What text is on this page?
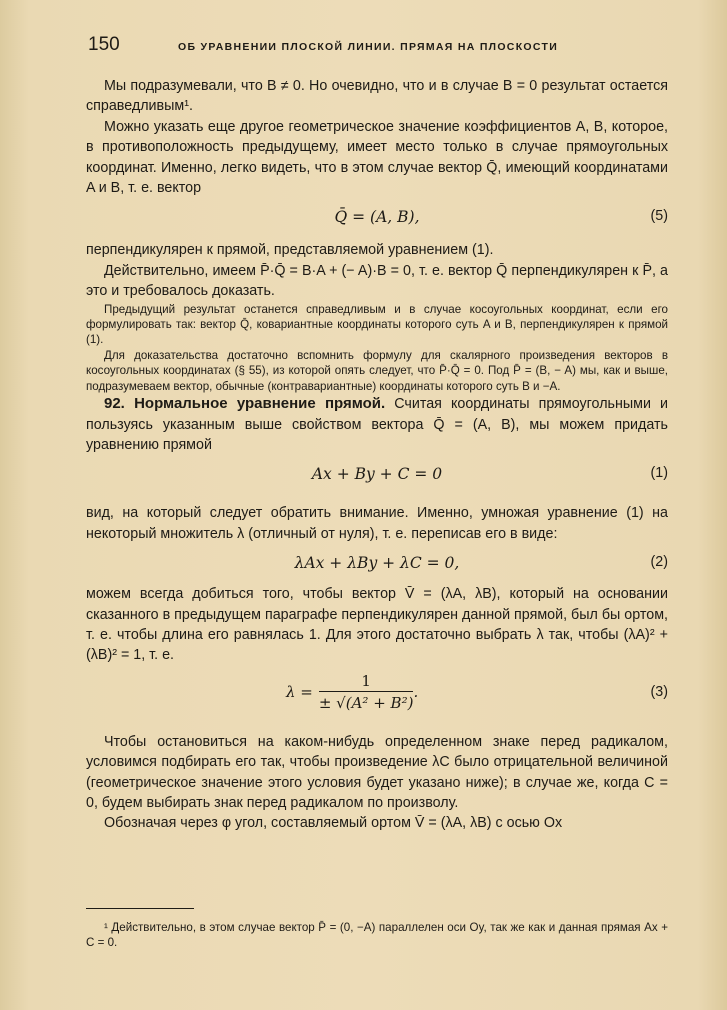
150	ОБ УРАВНЕНИИ ПЛОСКОЙ ЛИНИИ. ПРЯМАЯ НА ПЛОСКОСТИ

Мы подразумевали, что B ≠ 0. Но очевидно, что и в случае B = 0 результат остается справедливым¹.

Можно указать еще другое геометрическое значение коэффициентов A, B, которое, в противоположность предыдущему, имеет место только в случае прямоугольных координат. Именно, легко видеть, что в этом случае вектор Q̄, имеющий координатами A и B, т. е. вектор

Q̄ = (A, B),	(5)

перпендикулярен к прямой, представляемой уравнением (1).

Действительно, имеем P̄·Q̄ = B·A + (− A)·B = 0, т. е. вектор Q̄ перпендикулярен к P̄, а это и требовалось доказать.

Предыдущий результат останется справедливым и в случае косоугольных координат, если его формулировать так: вектор Q̄, ковариантные координаты которого суть A и B, перпендикулярен к прямой (1).

Для доказательства достаточно вспомнить формулу для скалярного произведения векторов в косоугольных координатах (§ 55), из которой опять следует, что P̄·Q̄ = 0. Под P̄ = (B, − A) мы, как и выше, подразумеваем вектор, обычные (контравариантные) координаты которого суть B и −A.

92. Нормальное уравнение прямой. Считая координаты прямоугольными и пользуясь указанным выше свойством вектора Q̄ = (A, B), мы можем придать уравнению прямой

Ax + By + C = 0	(1)

вид, на который следует обратить внимание. Именно, умножая уравнение (1) на некоторый множитель λ (отличный от нуля), т. е. переписав его в виде:

λAx + λBy + λC = 0,	(2)

можем всегда добиться того, чтобы вектор V̄ = (λA, λB), который на основании сказанного в предыдущем параграфе перпендикулярен данной прямой, был бы ортом, т. е. чтобы длина его равнялась 1. Для этого достаточно выбрать λ так, чтобы (λA)² + (λB)² = 1, т. е.

$\lambda = \frac{1}{\text{± √(A² + B²)}}$ .	(3)

Чтобы остановиться на каком-нибудь определенном знаке перед радикалом, условимся подбирать его так, чтобы произведение λC было отрицательной величиной (геометрическое значение этого условия будет указано ниже); в случае же, когда C = 0, будем выбирать знак перед радикалом по произволу.

Обозначая через φ угол, составляемый ортом V̄ = (λA, λB) с осью Ox

¹ Действительно, в этом случае вектор P̄ = (0, −A) параллелен оси Oy, так же как и данная прямая Ax + C = 0.
